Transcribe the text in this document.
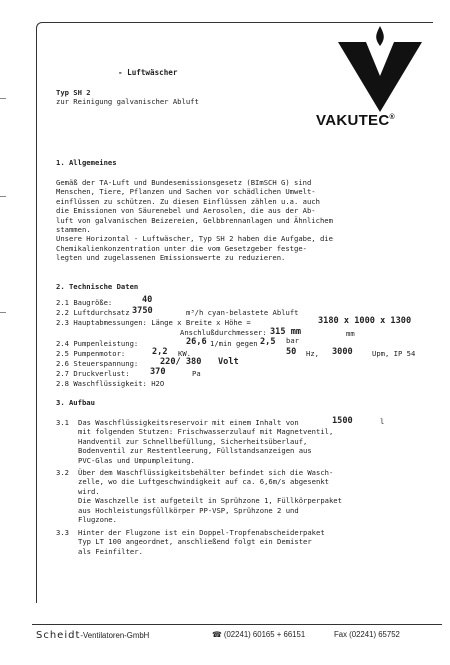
VAKUTEC®
- Luftwäscher
Typ SH 2
zur Reinigung galvanischer Abluft
1. Allgemeines
Gemäß der TA-Luft und Bundesemissionsgesetz (BImSCH G) sind
Menschen, Tiere, Pflanzen und Sachen vor schädlichen Umwelt-
einflüssen zu schützen. Zu diesen Einflüssen zählen u.a. auch
die Emissionen von Säurenebel und Aerosolen, die aus der Ab-
luft von galvanischen Beizereien, Gelbbrennanlagen und Ähnlichem
stammen.
Unsere Horizontal - Luftwäscher, Typ SH 2 haben die Aufgabe, die
Chemikalienkonzentration unter die vom Gesetzgeber festge-
legten und zugelassenen Emissionswerte zu reduzieren.
2. Technische Daten
2.1 Baugröße:	40
2.2 Luftdurchsatz 3750	m³/h cyan-belastete Abluft
2.3 Hauptabmessungen: Länge x Breite x Höhe =	3180 x 1000 x 1300
Anschlußdurchmesser: 315 mm	mm
2.4 Pumpenleistung:	26,6 1/min gegen 2,5 bar
2.5 Pumpenmotor:	2,2 KW.	50 Hz, 3000	Upm, IP 54
2.6 Steuerspannung:	220/ 380 Volt
2.7 Druckverlust: 370	Pa
2.8 Waschflüssigkeit: H2O
3. Aufbau
3.1 Das Waschflüssigkeitsreservoir mit einem Inhalt von
mit folgenden Stutzen: Frischwasserzulauf mit Magnetventil,
Handventil zur Schnellbefüllung, Sicherheitsüberlauf,
Bodenventil zur Restentleerung, Füllstandsanzeigen aus
PVC-Glas und Umpumpleitung.
1500	l
3.2 Über dem Waschflüssigkeitsbehälter befindet sich die Wasch-
zelle, wo die Luftgeschwindigkeit auf ca. 6,6m/s abgesenkt
wird.
Die Waschzelle ist aufgeteilt in Sprühzone 1, Füllkörperpaket
aus Hochleistungsfüllkörper PP-VSP, Sprühzone 2 und
Flugzone.
3.3 Hinter der Flugzone ist ein Doppel-Tropfenabscheiderpaket
Typ LT 100 angeordnet, anschließend folgt ein Demister
als Feinfilter.
Scheidt-Ventilatoren-GmbH	☎ (02241) 60165 + 66151	Fax (02241) 65752
